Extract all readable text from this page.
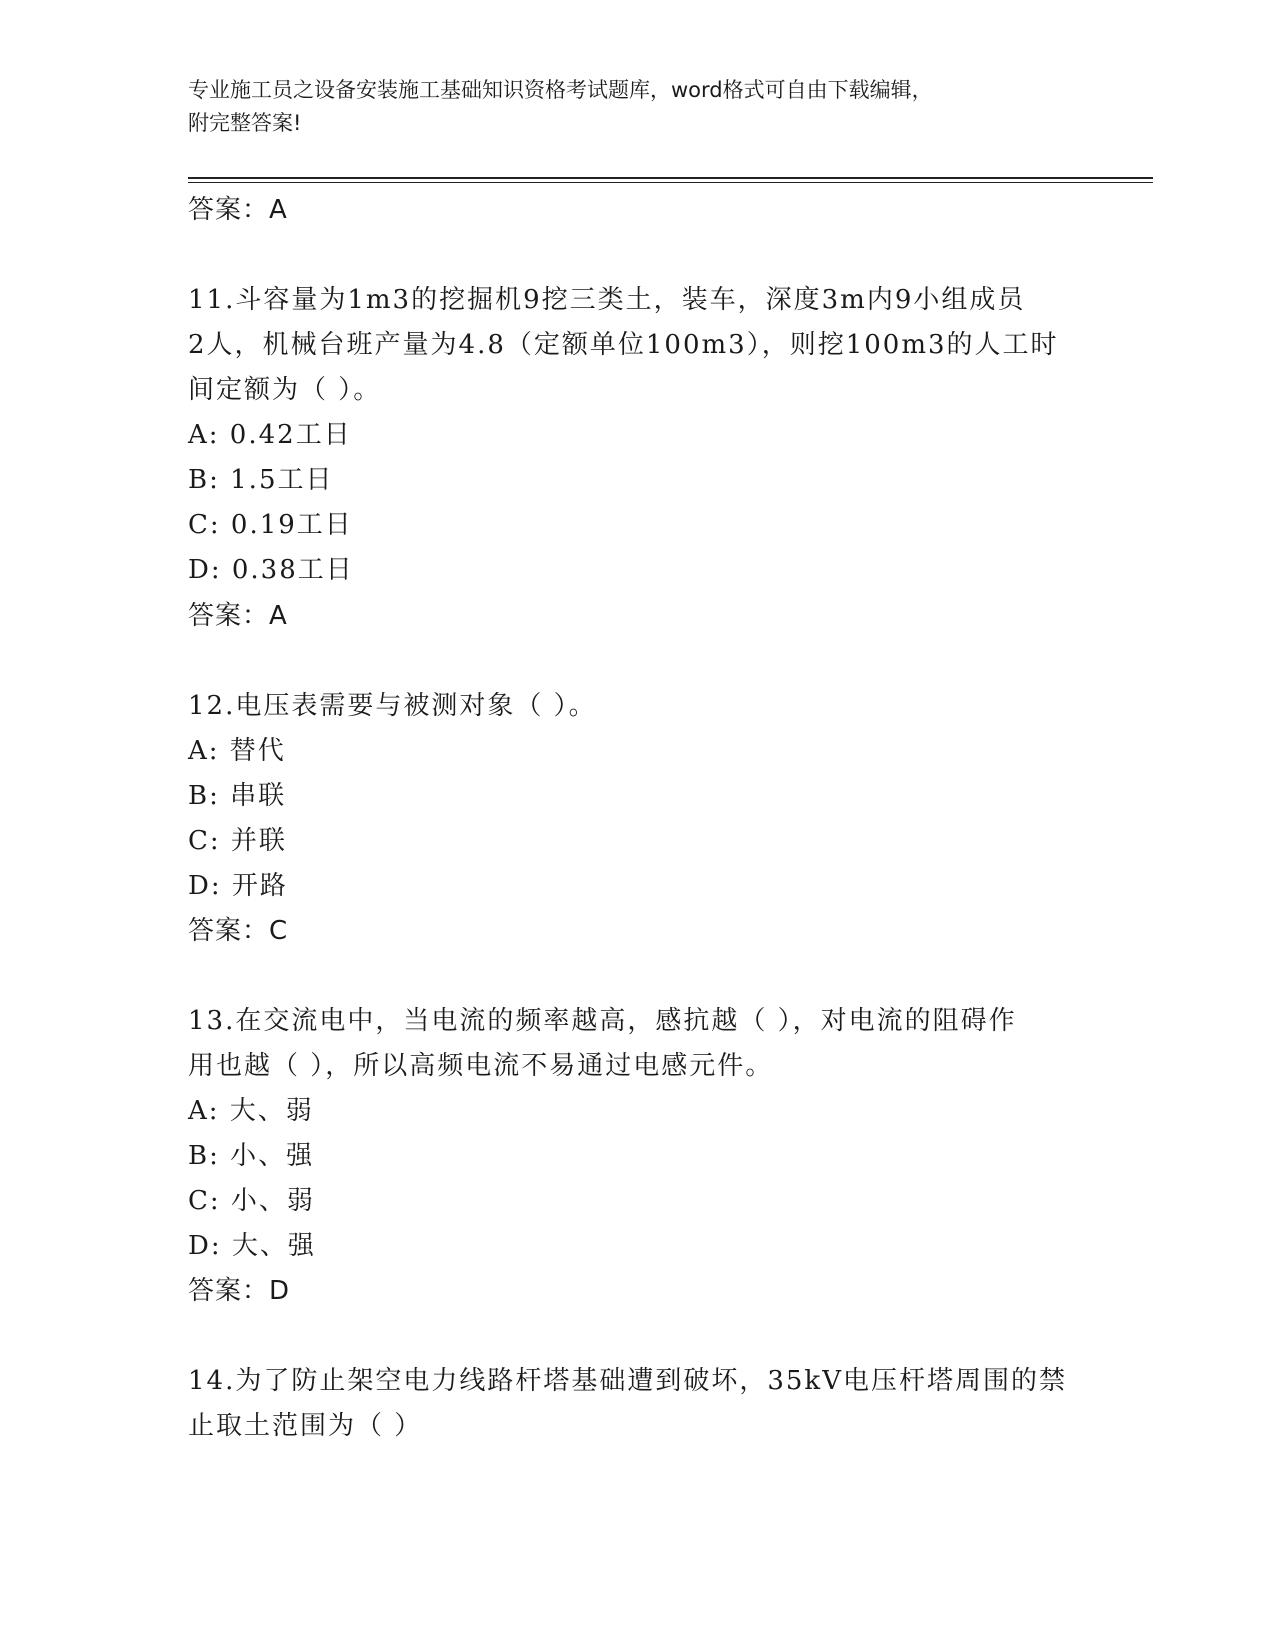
专业施工员之设备安装施工基础知识资格考试题库，word格式可自由下载编辑，
附完整答案!
答案：A
11.斗容量为1m3的挖掘机9挖三类土，装车，深度3m内9小组成员
2人，机械台班产量为4.8（定额单位100m3），则挖100m3的人工时
间定额为（ ）。
A: 0.42工日
B: 1.5工日
C: 0.19工日
D: 0.38工日
答案：A
12.电压表需要与被测对象（ ）。
A: 替代
B: 串联
C: 并联
D: 开路
答案：C
13.在交流电中，当电流的频率越高，感抗越（ ），对电流的阻碍作
用也越（ ），所以高频电流不易通过电感元件。
A: 大、弱
B: 小、强
C: 小、弱
D: 大、强
答案：D
14.为了防止架空电力线路杆塔基础遭到破坏，35kV电压杆塔周围的禁
止取土范围为（ ）
